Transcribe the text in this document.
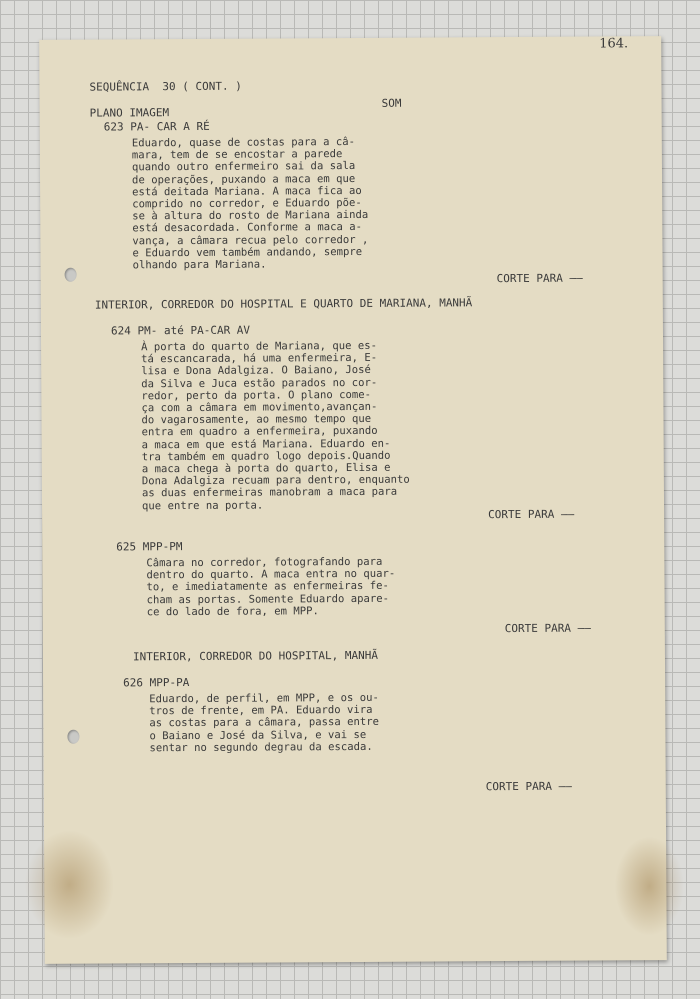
164.
SEQUÊNCIA  30 ( CONT. )
PLANO IMAGEM
SOM
623 PA- CAR A RÉ
Eduardo, quase de costas para a câ-
mara, tem de se encostar a parede
quando outro enfermeiro sai da sala
de operações, puxando a maca em que
está deitada Mariana. A maca fica ao
comprido no corredor, e Eduardo põe-
se à altura do rosto de Mariana ainda
está desacordada. Conforme a maca a-
vança, a câmara recua pelo corredor ,
e Eduardo vem também andando, sempre
olhando para Mariana.
CORTE PARA ——
INTERIOR, CORREDOR DO HOSPITAL E QUARTO DE MARIANA, MANHÃ
624 PM- até PA-CAR AV
À porta do quarto de Mariana, que es-
tá escancarada, há uma enfermeira, E-
lisa e Dona Adalgiza. O Baiano, José
da Silva e Juca estão parados no cor-
redor, perto da porta. O plano come-
ça com a câmara em movimento,avançan-
do vagarosamente, ao mesmo tempo que
entra em quadro a enfermeira, puxando
a maca em que está Mariana. Eduardo en-
tra também em quadro logo depois.Quando
a maca chega à porta do quarto, Elisa e
Dona Adalgiza recuam para dentro, enquanto
as duas enfermeiras manobram a maca para
que entre na porta.
CORTE PARA ——
625 MPP-PM
Câmara no corredor, fotografando para
dentro do quarto. A maca entra no quar-
to, e imediatamente as enfermeiras fe-
cham as portas. Somente Eduardo apare-
ce do lado de fora, em MPP.
CORTE PARA ——
INTERIOR, CORREDOR DO HOSPITAL, MANHÃ
626 MPP-PA
Eduardo, de perfil, em MPP, e os ou-
tros de frente, em PA. Eduardo vira
as costas para a câmara, passa entre
o Baiano e José da Silva, e vai se
sentar no segundo degrau da escada.
CORTE PARA ——
